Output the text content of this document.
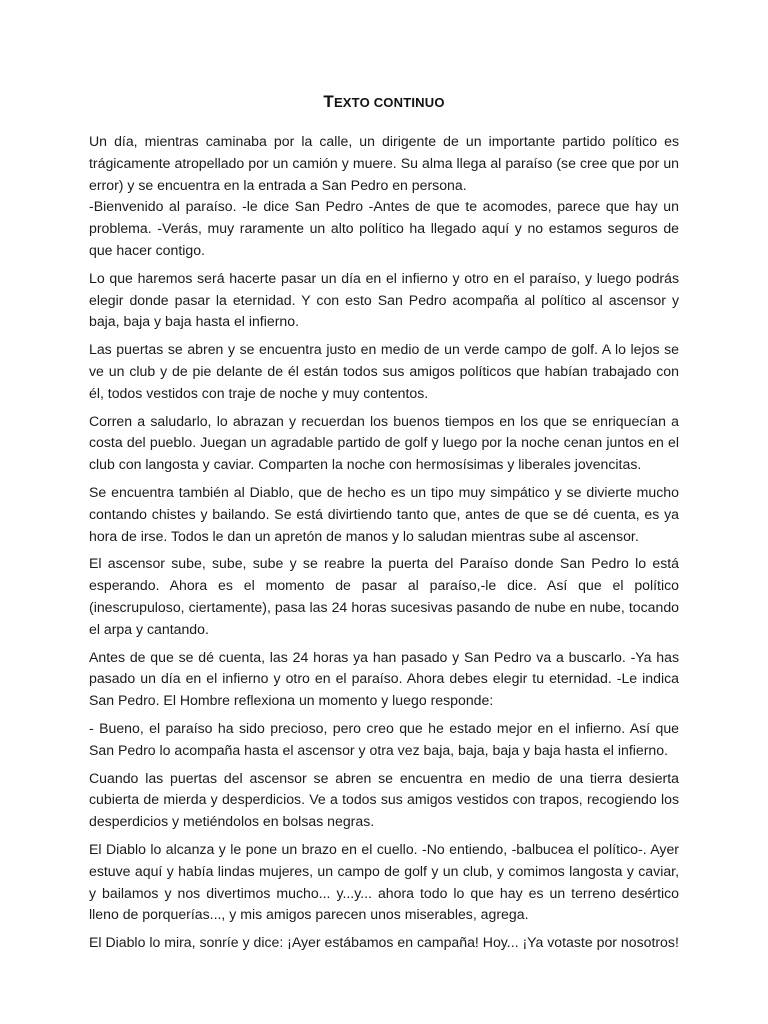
TEXTO CONTINUO

Un día, mientras caminaba por la calle, un dirigente de un importante partido político es trágicamente atropellado por un camión y muere. Su alma llega al paraíso (se cree que por un error) y se encuentra en la entrada a San Pedro en persona.

-Bienvenido al paraíso. -le dice San Pedro -Antes de que te acomodes, parece que hay un problema. -Verás, muy raramente un alto político ha llegado aquí y no estamos seguros de que hacer contigo.

Lo que haremos será hacerte pasar un día en el infierno y otro en el paraíso, y luego podrás elegir donde pasar la eternidad. Y con esto San Pedro acompaña al político al ascensor y baja, baja y baja hasta el infierno.

Las puertas se abren y se encuentra justo en medio de un verde campo de golf. A lo lejos se ve un club y de pie delante de él están todos sus amigos políticos que habían trabajado con él, todos vestidos con traje de noche y muy contentos.

Corren a saludarlo, lo abrazan y recuerdan los buenos tiempos en los que se enriquecían a costa del pueblo. Juegan un agradable partido de golf y luego por la noche cenan juntos en el club con langosta y caviar. Comparten la noche con hermosísimas y liberales jovencitas.

Se encuentra también al Diablo, que de hecho es un tipo muy simpático y se divierte mucho contando chistes y bailando. Se está divirtiendo tanto que, antes de que se dé cuenta, es ya hora de irse. Todos le dan un apretón de manos y lo saludan mientras sube al ascensor.

El ascensor sube, sube, sube y se reabre la puerta del Paraíso donde San Pedro lo está esperando. Ahora es el momento de pasar al paraíso,-le dice. Así que el político (inescrupuloso, ciertamente), pasa las 24 horas sucesivas pasando de nube en nube, tocando el arpa y cantando.

Antes de que se dé cuenta, las 24 horas ya han pasado y San Pedro va a buscarlo. -Ya has pasado un día en el infierno y otro en el paraíso. Ahora debes elegir tu eternidad. -Le indica San Pedro. El Hombre reflexiona un momento y luego responde:

- Bueno, el paraíso ha sido precioso, pero creo que he estado mejor en el infierno. Así que San Pedro lo acompaña hasta el ascensor y otra vez baja, baja, baja y baja hasta el infierno.

Cuando las puertas del ascensor se abren se encuentra en medio de una tierra desierta cubierta de mierda y desperdicios. Ve a todos sus amigos vestidos con trapos, recogiendo los desperdicios y metiéndolos en bolsas negras.

El Diablo lo alcanza y le pone un brazo en el cuello. -No entiendo, -balbucea el político-. Ayer estuve aquí y había lindas mujeres, un campo de golf y un club, y comimos langosta y caviar, y bailamos y nos divertimos mucho... y...y... ahora todo lo que hay es un terreno desértico lleno de porquerías..., y mis amigos parecen unos miserables, agrega.

El Diablo lo mira, sonríe y dice: ¡Ayer estábamos en campaña! Hoy... ¡Ya votaste por nosotros!
